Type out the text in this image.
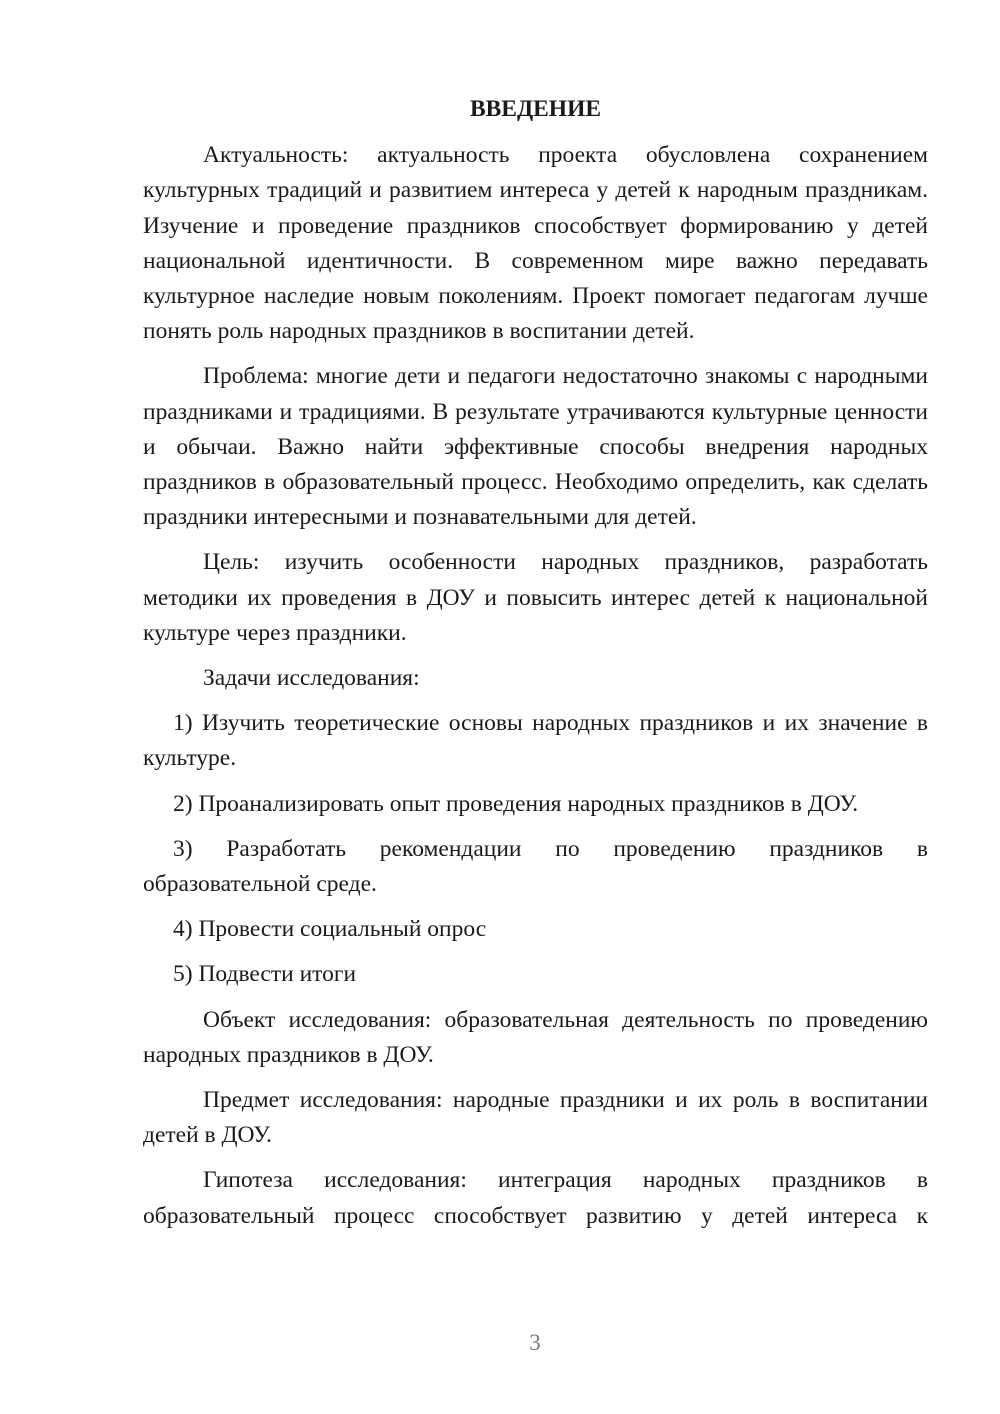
ВВЕДЕНИЕ

Актуальность: актуальность проекта обусловлена сохранением культурных традиций и развитием интереса у детей к народным праздникам. Изучение и проведение праздников способствует формированию у детей национальной идентичности. В современном мире важно передавать культурное наследие новым поколениям. Проект помогает педагогам лучше понять роль народных праздников в воспитании детей.

Проблема: многие дети и педагоги недостаточно знакомы с народными праздниками и традициями. В результате утрачиваются культурные ценности и обычаи. Важно найти эффективные способы внедрения народных праздников в образовательный процесс. Необходимо определить, как сделать праздники интересными и познавательными для детей.

Цель: изучить особенности народных праздников, разработать методики их проведения в ДОУ и повысить интерес детей к национальной культуре через праздники.

Задачи исследования:

1) Изучить теоретические основы народных праздников и их значение в культуре.

2) Проанализировать опыт проведения народных праздников в ДОУ.

3) Разработать рекомендации по проведению праздников в образовательной среде.

4) Провести социальный опрос

5) Подвести итоги

Объект исследования: образовательная деятельность по проведению народных праздников в ДОУ.

Предмет исследования: народные праздники и их роль в воспитании детей в ДОУ.

Гипотеза исследования: интеграция народных праздников в образовательный процесс способствует развитию у детей интереса к

3
